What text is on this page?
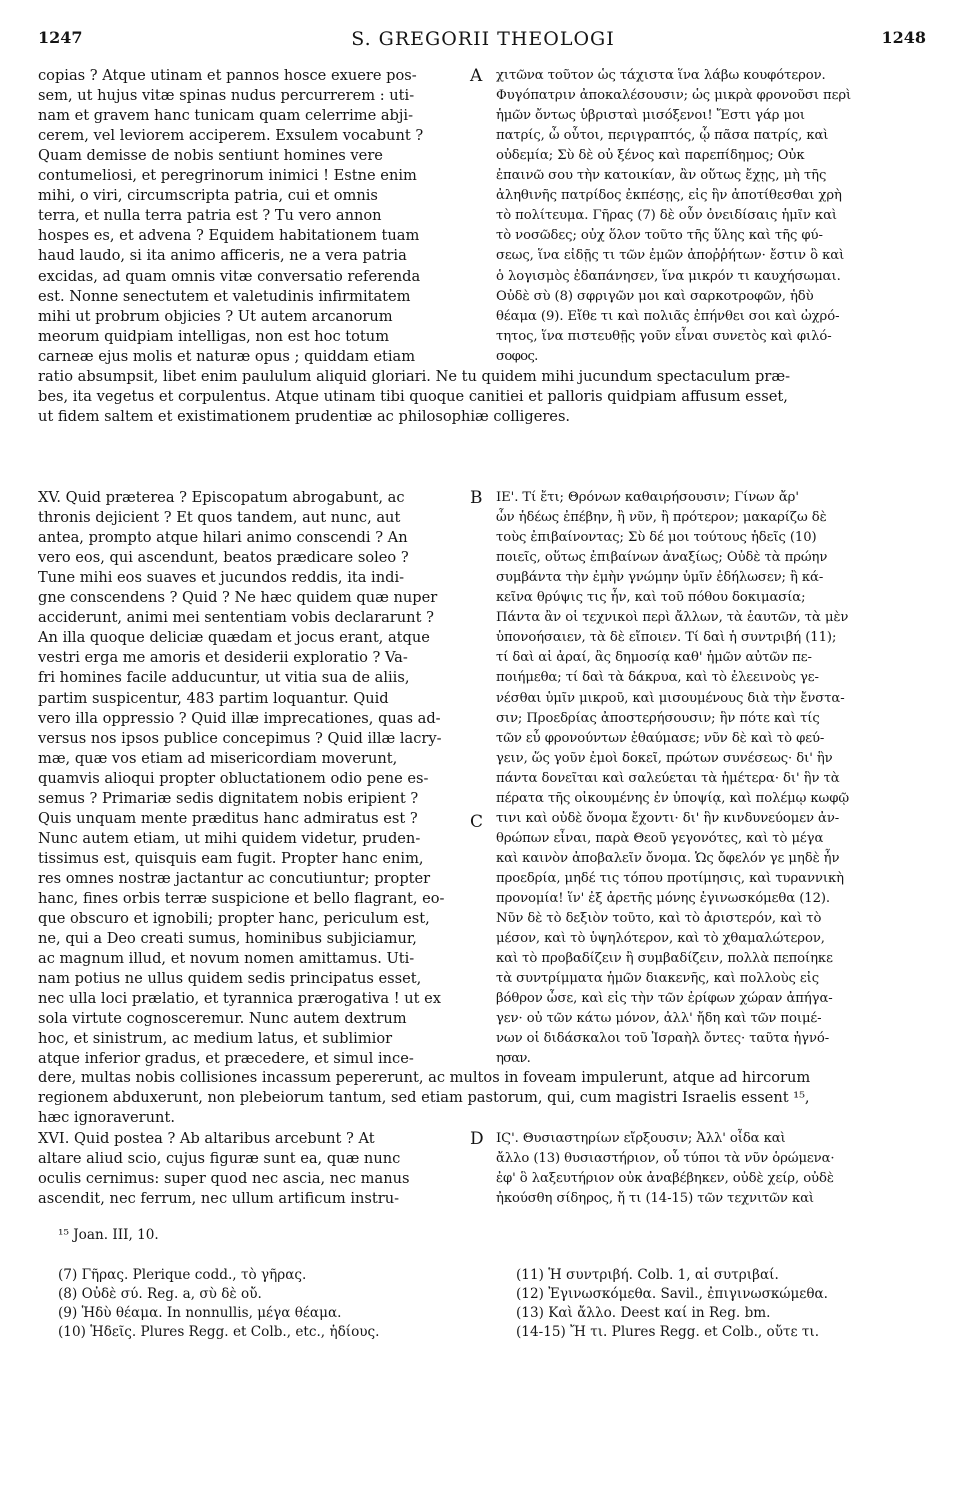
1247	S. GREGORII THEOLOGI	1248
copias ? Atque utinam et pannos hosce exuere pos-
sem, ut hujus vitæ spinas nudus percurrerem : uti-
nam et gravem hanc tunicam quam celerrime abji-
cerem, vel leviorem acciperem. Exsulem vocabunt ?
Quam demisse de nobis sentiunt homines vere
contumeliosi, et peregrinorum inimici ! Estne enim
mihi, o viri, circumscripta patria, cui et omnis
terra, et nulla terra patria est ? Tu vero annon
hospes es, et advena ? Equidem habitationem tuam
haud laudo, si ita animo afficeris, ne a vera patria
excidas, ad quam omnis vitæ conversatio referenda
est. Nonne senectutem et valetudinis infirmitatem
mihi ut probrum objicies ? Ut autem arcanorum
meorum quidpiam intelligas, non est hoc totum
carneæ ejus molis et naturæ opus ; quiddam etiam
χιτῶνα τοῦτον ὡς τάχιστα ἵνα λάβω κουφότερον.
Φυγόπατριν ἀποκαλέσουσιν; ὡς μικρὰ φρονοῦσι περὶ
ἡμῶν ὄντως ὑβρισταὶ μισόξενοι! Ἔστι γάρ μοι
πατρίς, ὦ οὗτοι, περιγραπτός, ᾧ πᾶσα πατρίς, καὶ
οὐδεμία; Σὺ δὲ οὐ ξένος καὶ παρεπίδημος; Οὐκ
ἐπαινῶ σου τὴν κατοικίαν, ἂν οὕτως ἔχῃς, μὴ τῆς
ἀληθινῆς πατρίδος ἐκπέσῃς, εἰς ἣν ἀποτίθεσθαι χρὴ
τὸ πολίτευμα. Γῆρας (7) δὲ οὖν ὀνειδίσαις ἡμῖν καὶ
τὸ νοσῶδες; οὐχ ὅλον τοῦτο τῆς ὕλης καὶ τῆς φύ-
σεως, ἵνα εἰδῇς τι τῶν ἐμῶν ἀποῤῥήτων· ἔστιν ὃ καὶ
ὁ λογισμὸς ἐδαπάνησεν, ἵνα μικρόν τι καυχήσωμαι.
Οὐδὲ σὺ (8) σφριγῶν μοι καὶ σαρκοτροφῶν, ἡδὺ
θέαμα (9). Εἴθε τι καὶ πολιᾶς ἐπήνθει σοι καὶ ὠχρό-
τητος, ἵνα πιστευθῇς γοῦν εἶναι συνετὸς καὶ φιλό-
σοφος.
ratio absumpsit, libet enim paululum aliquid gloriari. Ne tu quidem mihi jucundum spectaculum præ-
bes, ita vegetus et corpulentus. Atque utinam tibi quoque canitiei et palloris quidpiam affusum esset,
ut fidem saltem et existimationem prudentiæ ac philosophiæ colligeres.
XV. Quid præterea ? Episcopatum abrogabunt, ac
thronis dejicient ? Et quos tandem, aut nunc, aut
antea, prompto atque hilari animo conscendi ? An
vero eos, qui ascendunt, beatos prædicare soleo ?
Tune mihi eos suaves et jucundos reddis, ita indi-
gne conscendens ? Quid ? Ne hæc quidem quæ nuper
acciderunt, animi mei sententiam vobis declararunt ?
An illa quoque deliciæ quædam et jocus erant, atque
vestri erga me amoris et desiderii exploratio ? Va-
fri homines facile adducuntur, ut vitia sua de aliis,
partim suspicentur, 483 partim loquantur. Quid
vero illa oppressio ? Quid illæ imprecationes, quas ad-
versus nos ipsos publice concepimus ? Quid illæ lacry-
mæ, quæ vos etiam ad misericordiam moverunt,
quamvis alioqui propter obluctationem odio pene es-
semus ? Primariæ sedis dignitatem nobis eripient ?
Quis unquam mente præditus hanc admiratus est ?
Nunc autem etiam, ut mihi quidem videtur, pruden-
tissimus est, quisquis eam fugit. Propter hanc enim,
res omnes nostræ jactantur ac concutiuntur; propter
hanc, fines orbis terræ suspicione et bello flagrant, eo-
que obscuro et ignobili; propter hanc, periculum est,
ne, qui a Deo creati sumus, hominibus subjiciamur,
ac magnum illud, et novum nomen amittamus. Uti-
nam potius ne ullus quidem sedis principatus esset,
nec ulla loci prælatio, et tyrannica prærogativa ! ut ex
sola virtute cognosceremur. Nunc autem dextrum
hoc, et sinistrum, ac medium latus, et sublimior
atque inferior gradus, et præcedere, et simul ince-
ΙΕ'. Τί ἔτι; Θρόνων καθαιρήσουσιν; Γίνων ἄρ'
ὧν ἡδέως ἐπέβην, ἢ νῦν, ἢ πρότερον; μακαρίζω δὲ
τοὺς ἐπιβαίνοντας; Σὺ δέ μοι τούτους ἡδεῖς (10)
ποιεῖς, οὕτως ἐπιβαίνων ἀναξίως; Οὐδὲ τὰ πρώην
συμβάντα τὴν ἐμὴν γνώμην ὑμῖν ἐδήλωσεν; ἢ κά-
κεῖνα θρύψις τις ἦν, καὶ τοῦ πόθου δοκιμασία;
Πάντα ἂν οἱ τεχνικοὶ περὶ ἄλλων, τὰ ἑαυτῶν, τὰ μὲν
ὑπονοήσαιεν, τὰ δὲ εἴποιεν. Τί δαὶ ἡ συντριβή (11);
τί δαὶ αἱ ἀραί, ἃς δημοσίᾳ καθ' ἡμῶν αὐτῶν πε-
ποιήμεθα; τί δαὶ τὰ δάκρυα, καὶ τὸ ἐλεεινοὺς γε-
νέσθαι ὑμῖν μικροῦ, καὶ μισουμένους διὰ τὴν ἔνστα-
σιν; Προεδρίας ἀποστερήσουσιν; ἣν πότε καὶ τίς
τῶν εὖ φρονούντων ἐθαύμασε; νῦν δὲ καὶ τὸ φεύ-
γειν, ὥς γοῦν ἐμοὶ δοκεῖ, πρώτων συνέσεως· δι' ἣν
πάντα δονεῖται καὶ σαλεύεται τὰ ἡμέτερα· δι' ἣν τὰ
πέρατα τῆς οἰκουμένης ἐν ὑποψίᾳ, καὶ πολέμῳ κωφῷ
τινι καὶ οὐδὲ ὄνομα ἔχοντι· δι' ἣν κινδυνεύομεν ἀν-
θρώπων εἶναι, παρὰ Θεοῦ γεγονότες, καὶ τὸ μέγα
καὶ καινὸν ἀποβαλεῖν ὄνομα. Ὡς ὄφελόν γε μηδὲ ἦν
προεδρία, μηδέ τις τόπου προτίμησις, καὶ τυραννικὴ
προνομία! ἵν' ἐξ ἀρετῆς μόνης ἐγινωσκόμεθα (12).
Νῦν δὲ τὸ δεξιὸν τοῦτο, καὶ τὸ ἀριστερόν, καὶ τὸ
μέσον, καὶ τὸ ὑψηλότερον, καὶ τὸ χθαμαλώτερον,
καὶ τὸ προβαδίζειν ἢ συμβαδίζειν, πολλὰ πεποίηκε
τὰ συντρίμματα ἡμῶν διακενῆς, καὶ πολλοὺς εἰς
βόθρον ὦσε, καὶ εἰς τὴν τῶν ἐρίφων χώραν ἀπήγα-
γεν· οὐ τῶν κάτω μόνον, ἀλλ' ἤδη καὶ τῶν ποιμέ-
νων οἱ διδάσκαλοι τοῦ Ἰσραὴλ ὄντες· ταῦτα ἠγνό-
ησαν.
dere, multas nobis collisiones incassum pepererunt, ac multos in foveam impulerunt, atque ad hircorum
regionem abduxerunt, non plebeiorum tantum, sed etiam pastorum, qui, cum magistri Israelis essent ¹⁵,
hæc ignoraverunt.
XVI. Quid postea ? Ab altaribus arcebunt ? At
altare aliud scio, cujus figuræ sunt ea, quæ nunc
oculis cernimus: super quod nec ascia, nec manus
ascendit, nec ferrum, nec ullum artificum instru-
ΙϚ'. Θυσιαστηρίων εἴρξουσιν; Ἀλλ' οἶδα καὶ
ἄλλο (13) θυσιαστήριον, οὗ τύποι τὰ νῦν ὁρώμενα·
ἐφ' ὃ λαξευτήριον οὐκ ἀναβέβηκεν, οὐδὲ χείρ, οὐδὲ
ἠκούσθη σίδηρος, ἤ τι (14-15) τῶν τεχνιτῶν καὶ
A
B
C
D
¹⁵ Joan. III, 10.
(7) Γῆρας. Plerique codd., τὸ γῆρας.
(8) Οὐδὲ σύ. Reg. a, σὺ δὲ οὔ.
(9) Ἡδὺ θέαμα. In nonnullis, μέγα θέαμα.
(10) Ἡδεῖς. Plures Regg. et Colb., etc., ἡδίους.
(11) Ἡ συντριβή. Colb. 1, αἱ συτριβαί.
(12) Ἐγινωσκόμεθα. Savil., ἐπιγινωσκώμεθα.
(13) Καὶ ἄλλο. Deest καί in Reg. bm.
(14-15) Ἤ τι. Plures Regg. et Colb., οὔτε τι.
